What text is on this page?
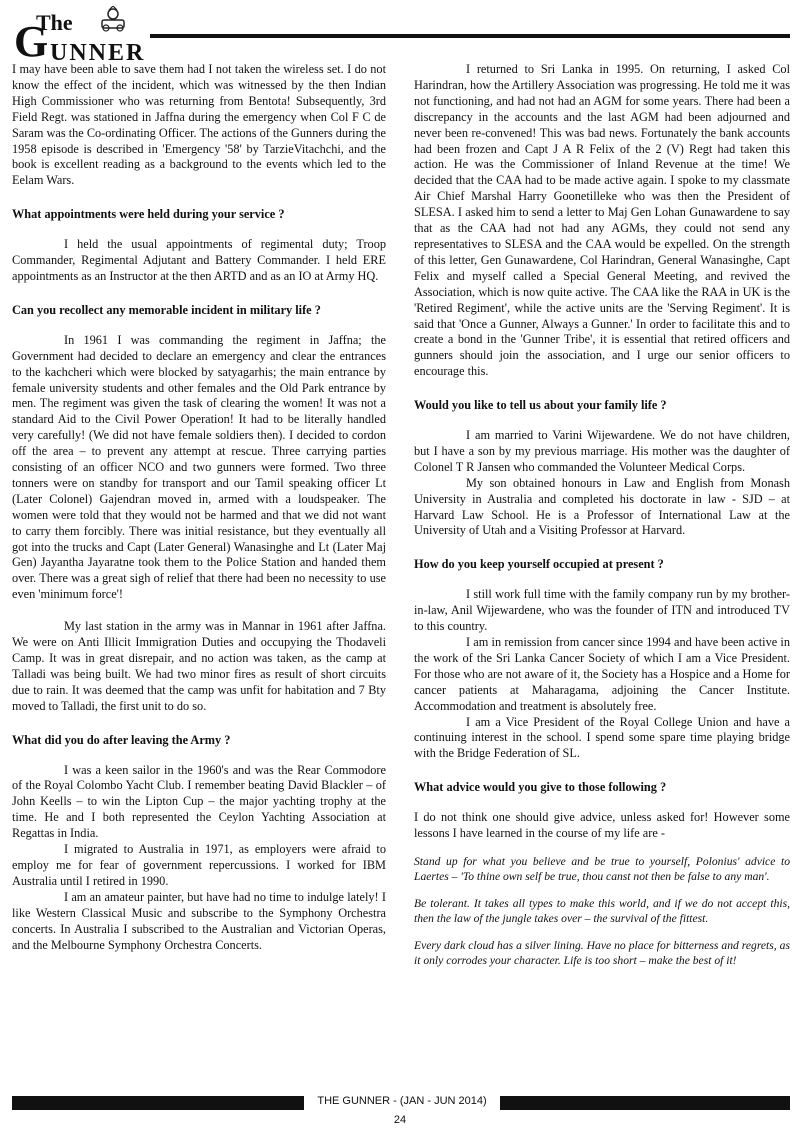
The
G UNNER

I may have been able to save them had I not taken the wireless set. I do not know the effect of the incident, which was witnessed by the then Indian High Commissioner who was returning from Bentota! Subsequently, 3rd Field Regt. was stationed in Jaffna during the emergency when Col F C de Saram was the Co-ordinating Officer. The actions of the Gunners during the 1958 episode is described in 'Emergency '58' by TarzieVitachchi, and the book is excellent reading as a background to the events which led to the Eelam Wars.

What appointments were held during your service ?

I held the usual appointments of regimental duty; Troop Commander, Regimental Adjutant and Battery Commander. I held ERE appointments as an Instructor at the then ARTD and as an IO at Army HQ.

Can you recollect any memorable incident in military life ?

In 1961 I was commanding the regiment in Jaffna; the Government had decided to declare an emergency and clear the entrances to the kachcheri which were blocked by satyagarhis; the main entrance by female university students and other females and the Old Park entrance by men. The regiment was given the task of clearing the women! It was not a standard Aid to the Civil Power Operation! It had to be literally handled very carefully! (We did not have female soldiers then). I decided to cordon off the area – to prevent any attempt at rescue. Three carrying parties consisting of an officer NCO and two gunners were formed. Two three tonners were on standby for transport and our Tamil speaking officer Lt (Later Colonel) Gajendran moved in, armed with a loudspeaker. The women were told that they would not be harmed and that we did not want to carry them forcibly. There was initial resistance, but they eventually all got into the trucks and Capt (Later General) Wanasinghe and Lt (Later Maj Gen) Jayantha Jayaratne took them to the Police Station and handed them over. There was a great sigh of relief that there had been no necessity to use even 'minimum force'!

My last station in the army was in Mannar in 1961 after Jaffna. We were on Anti Illicit Immigration Duties and occupying the Thodaveli Camp. It was in great disrepair, and no action was taken, as the camp at Talladi was being built. We had two minor fires as result of short circuits due to rain. It was deemed that the camp was unfit for habitation and 7 Bty moved to Talladi, the first unit to do so.

What did you do after leaving the Army ?

I was a keen sailor in the 1960's and was the Rear Commodore of the Royal Colombo Yacht Club. I remember beating David Blackler – of John Keells – to win the Lipton Cup – the major yachting trophy at the time. He and I both represented the Ceylon Yachting Association at Regattas in India.

I migrated to Australia in 1971, as employers were afraid to employ me for fear of government repercussions. I worked for IBM Australia until I retired in 1990.

I am an amateur painter, but have had no time to indulge lately! I like Western Classical Music and subscribe to the Symphony Orchestra concerts. In Australia I subscribed to the Australian and Victorian Operas, and the Melbourne Symphony Orchestra Concerts.

I returned to Sri Lanka in 1995. On returning, I asked Col Harindran, how the Artillery Association was progressing. He told me it was not functioning, and had not had an AGM for some years. There had been a discrepancy in the accounts and the last AGM had been adjourned and never been re-convened! This was bad news. Fortunately the bank accounts had been frozen and Capt J A R Felix of the 2 (V) Regt had taken this action. He was the Commissioner of Inland Revenue at the time! We decided that the CAA had to be made active again. I spoke to my classmate Air Chief Marshal Harry Goonetilleke who was then the President of SLESA. I asked him to send a letter to Maj Gen Lohan Gunawardene to say that as the CAA had not had any AGMs, they could not send any representatives to SLESA and the CAA would be expelled. On the strength of this letter, Gen Gunawardene, Col Harindran, General Wanasinghe, Capt Felix and myself called a Special General Meeting, and revived the Association, which is now quite active. The CAA like the RAA in UK is the 'Retired Regiment', while the active units are the 'Serving Regiment'. It is said that 'Once a Gunner, Always a Gunner.' In order to facilitate this and to create a bond in the 'Gunner Tribe', it is essential that retired officers and gunners should join the association, and I urge our senior officers to encourage this.

Would you like to tell us about your family life ?

I am married to Varini Wijewardene. We do not have children, but I have a son by my previous marriage. His mother was the daughter of Colonel T R Jansen who commanded the Volunteer Medical Corps.

My son obtained honours in Law and English from Monash University in Australia and completed his doctorate in law - SJD – at Harvard Law School. He is a Professor of International Law at the University of Utah and a Visiting Professor at Harvard.

How do you keep yourself occupied at present ?

I still work full time with the family company run by my brother-in-law, Anil Wijewardene, who was the founder of ITN and introduced TV to this country.

I am in remission from cancer since 1994 and have been active in the work of the Sri Lanka Cancer Society of which I am a Vice President. For those who are not aware of it, the Society has a Hospice and a Home for cancer patients at Maharagama, adjoining the Cancer Institute. Accommodation and treatment is absolutely free.

I am a Vice President of the Royal College Union and have a continuing interest in the school. I spend some spare time playing bridge with the Bridge Federation of SL.

What advice would you give to those following ?

I do not think one should give advice, unless asked for! However some lessons I have learned in the course of my life are -

Stand up for what you believe and be true to yourself, Polonius' advice to Laertes – 'To thine own self be true, thou canst not then be false to any man'.

Be tolerant. It takes all types to make this world, and if we do not accept this, then the law of the jungle takes over – the survival of the fittest.

Every dark cloud has a silver lining. Have no place for bitterness and regrets, as it only corrodes your character. Life is too short – make the best of it!

THE GUNNER - (JAN - JUN 2014)
24
